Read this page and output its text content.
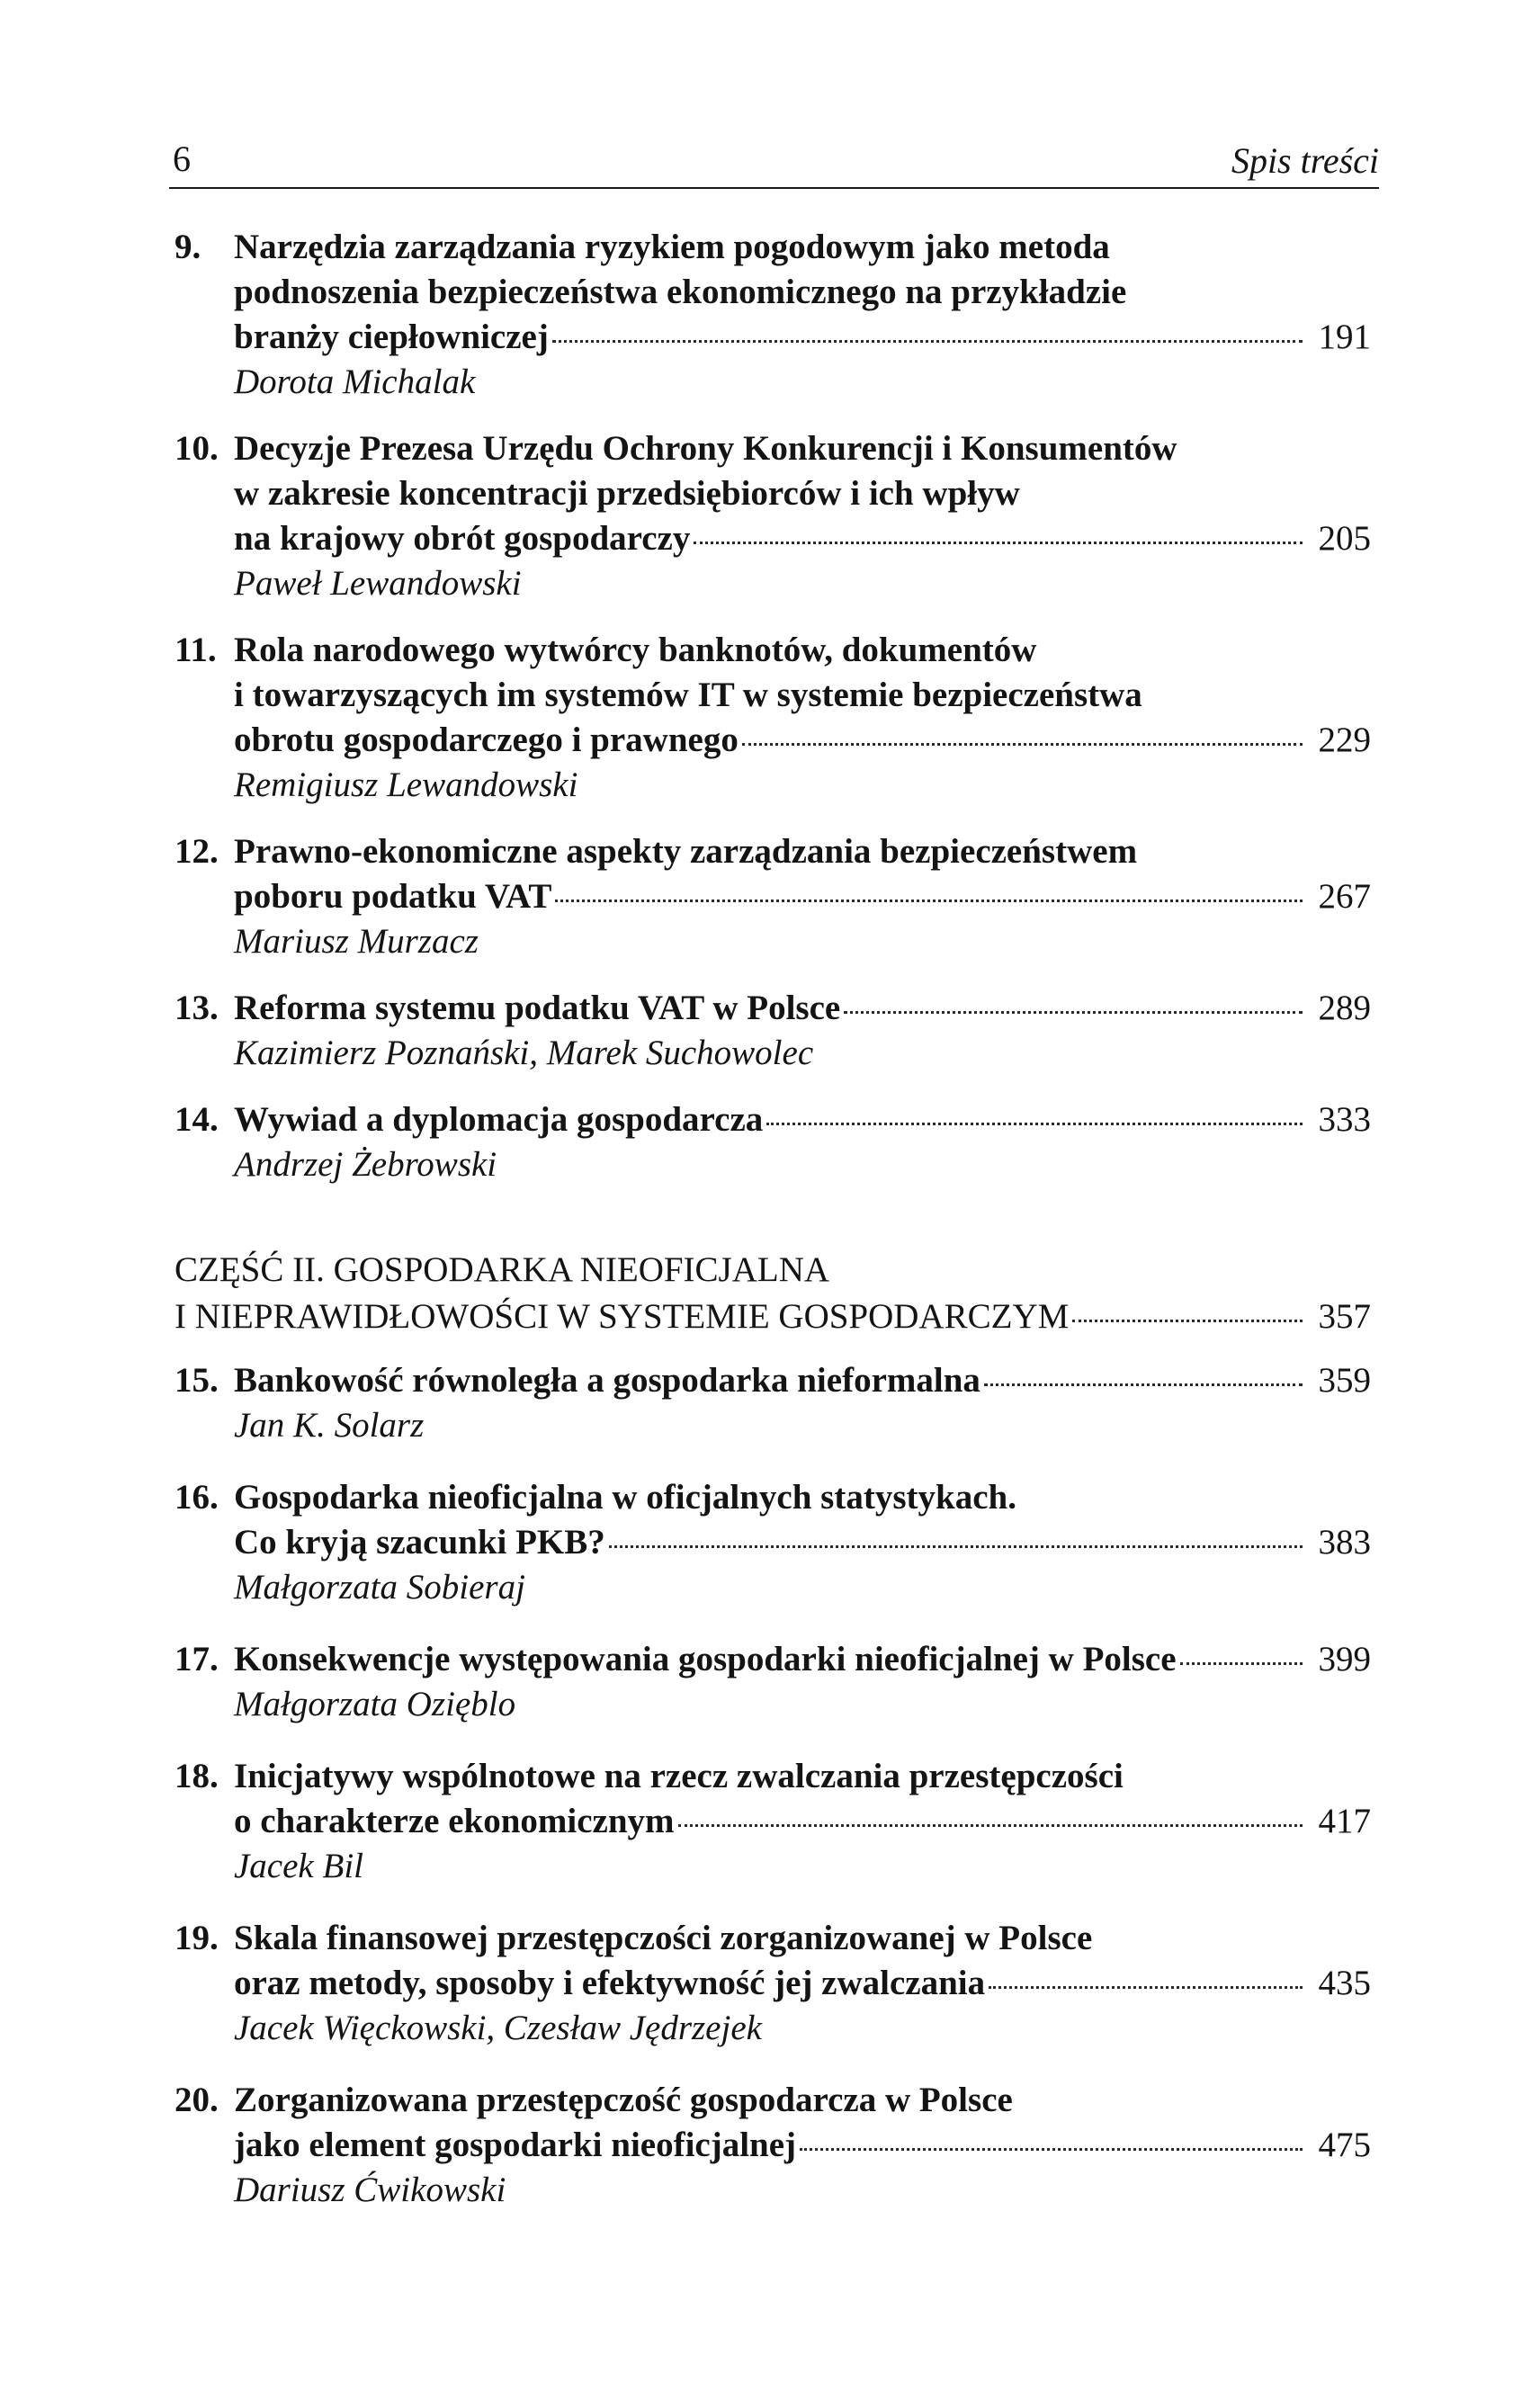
6	Spis treści
9. Narzędzia zarządzania ryzykiem pogodowym jako metoda
podnoszenia bezpieczeństwa ekonomicznego na przykładzie
branży ciepłowniczej	191
Dorota Michalak
10. Decyzje Prezesa Urzędu Ochrony Konkurencji i Konsumentów
w zakresie koncentracji przedsiębiorców i ich wpływ
na krajowy obrót gospodarczy	205
Paweł Lewandowski
11. Rola narodowego wytwórcy banknotów, dokumentów
i towarzyszących im systemów IT w systemie bezpieczeństwa
obrotu gospodarczego i prawnego	229
Remigiusz Lewandowski
12. Prawno-ekonomiczne aspekty zarządzania bezpieczeństwem
poboru podatku VAT	267
Mariusz Murzacz
13. Reforma systemu podatku VAT w Polsce	289
Kazimierz Poznański, Marek Suchowolec
14. Wywiad a dyplomacja gospodarcza	333
Andrzej Żebrowski
CZĘŚĆ II. GOSPODARKA NIEOFICJALNA
I NIEPRAWIDŁOWOŚCI W SYSTEMIE GOSPODARCZYM	357
15. Bankowość równoległa a gospodarka nieformalna	359
Jan K. Solarz
16. Gospodarka nieoficjalna w oficjalnych statystykach.
Co kryją szacunki PKB?	383
Małgorzata Sobieraj
17. Konsekwencje występowania gospodarki nieoficjalnej w Polsce	399
Małgorzata Ozięblo
18. Inicjatywy wspólnotowe na rzecz zwalczania przestępczości
o charakterze ekonomicznym	417
Jacek Bil
19. Skala finansowej przestępczości zorganizowanej w Polsce
oraz metody, sposoby i efektywność jej zwalczania	435
Jacek Więckowski, Czesław Jędrzejek
20. Zorganizowana przestępczość gospodarcza w Polsce
jako element gospodarki nieoficjalnej	475
Dariusz Ćwikowski
